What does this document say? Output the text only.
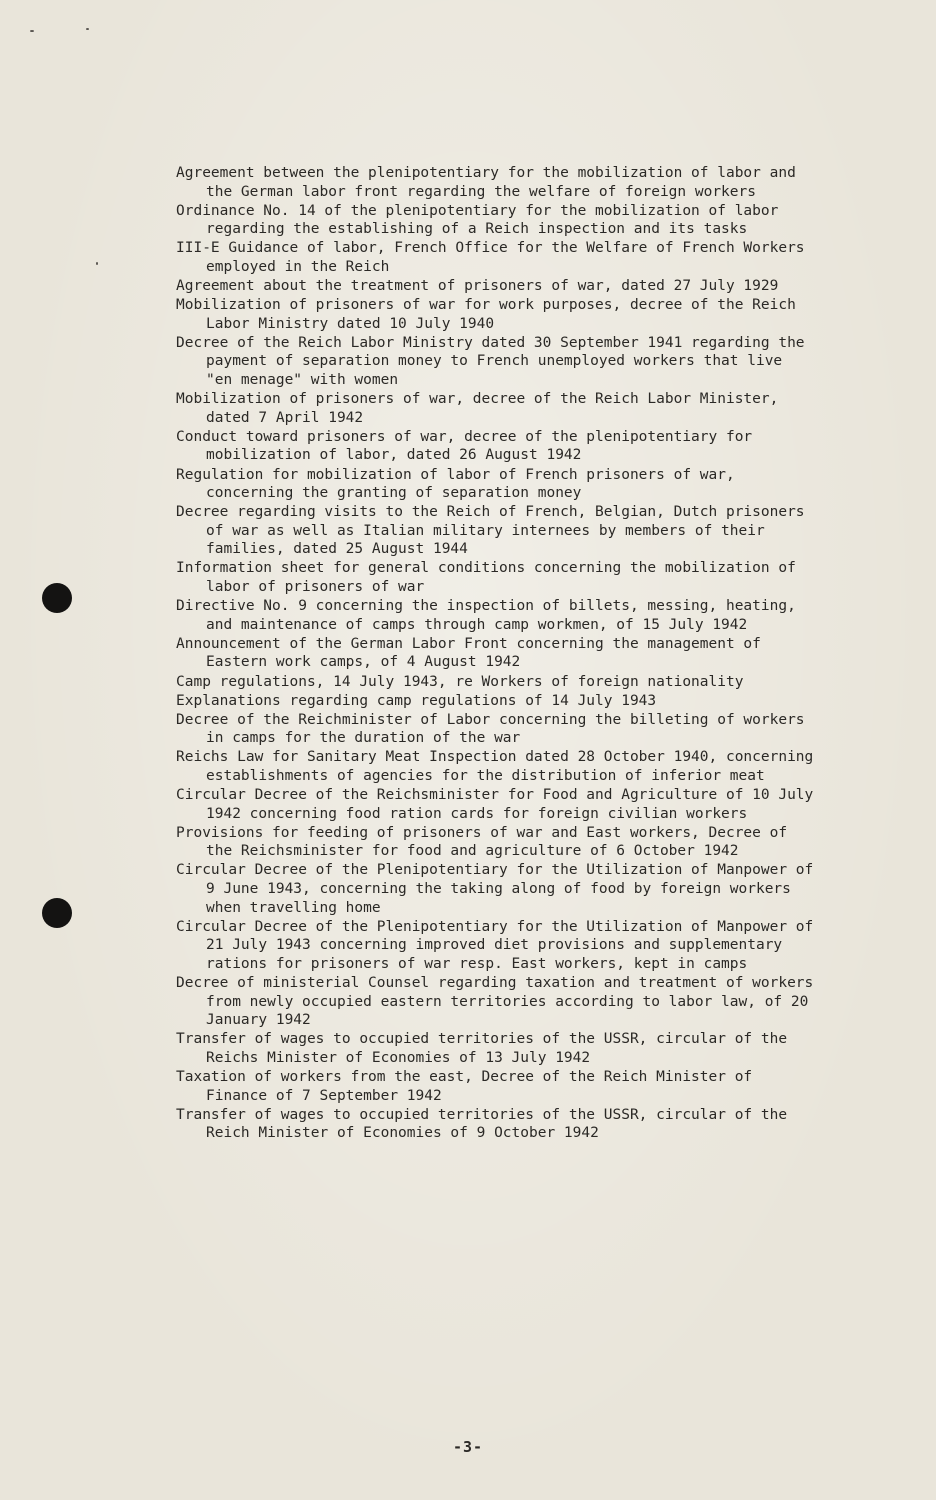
Agreement between the plenipotentiary for the mobilization of labor and the German labor front regarding the welfare of foreign workers
Ordinance No. 14 of the plenipotentiary for the mobilization of labor regarding the establishing of a Reich inspection and its tasks
III-E Guidance of labor, French Office for the Welfare of French Workers employed in the Reich
Agreement about the treatment of prisoners of war, dated 27 July 1929
Mobilization of prisoners of war for work purposes, decree of the Reich Labor Ministry dated 10 July 1940
Decree of the Reich Labor Ministry dated 30 September 1941 regarding the payment of separation money to French unemployed workers that live "en menage" with women
Mobilization of prisoners of war, decree of the Reich Labor Minister, dated 7 April 1942
Conduct toward prisoners of war, decree of the plenipotentiary for mobilization of labor, dated 26 August 1942
Regulation for mobilization of labor of French prisoners of war, concerning the granting of separation money
Decree regarding visits to the Reich of French, Belgian, Dutch prisoners of war as well as Italian military internees by members of their families, dated 25 August 1944
Information sheet for general conditions concerning the mobilization of labor of prisoners of war
Directive No. 9 concerning the inspection of billets, messing, heating, and maintenance of camps through camp workmen, of 15 July 1942
Announcement of the German Labor Front concerning the management of Eastern work camps, of 4 August 1942
Camp regulations, 14 July 1943, re Workers of foreign nationality
Explanations regarding camp regulations of 14 July 1943
Decree of the Reichminister of Labor concerning the billeting of workers in camps for the duration of the war
Reichs Law for Sanitary Meat Inspection dated 28 October 1940, concerning establishments of agencies for the distribution of inferior meat
Circular Decree of the Reichsminister for Food and Agriculture of 10 July 1942 concerning food ration cards for foreign civilian workers
Provisions for feeding of prisoners of war and East workers, Decree of the Reichsminister for food and agriculture of 6 October 1942
Circular Decree of the Plenipotentiary for the Utilization of Manpower of 9 June 1943, concerning the taking along of food by foreign workers when travelling home
Circular Decree of the Plenipotentiary for the Utilization of Manpower of 21 July 1943 concerning improved diet provisions and supplementary rations for prisoners of war resp. East workers, kept in camps
Decree of ministerial Counsel regarding taxation and treatment of workers from newly occupied eastern territories according to labor law, of 20 January 1942
Transfer of wages to occupied territories of the USSR, circular of the Reichs Minister of Economies of 13 July 1942
Taxation of workers from the east, Decree of the Reich Minister of Finance of 7 September 1942
Transfer of wages to occupied territories of the USSR, circular of the Reich Minister of Economies of 9 October 1942
-3-
